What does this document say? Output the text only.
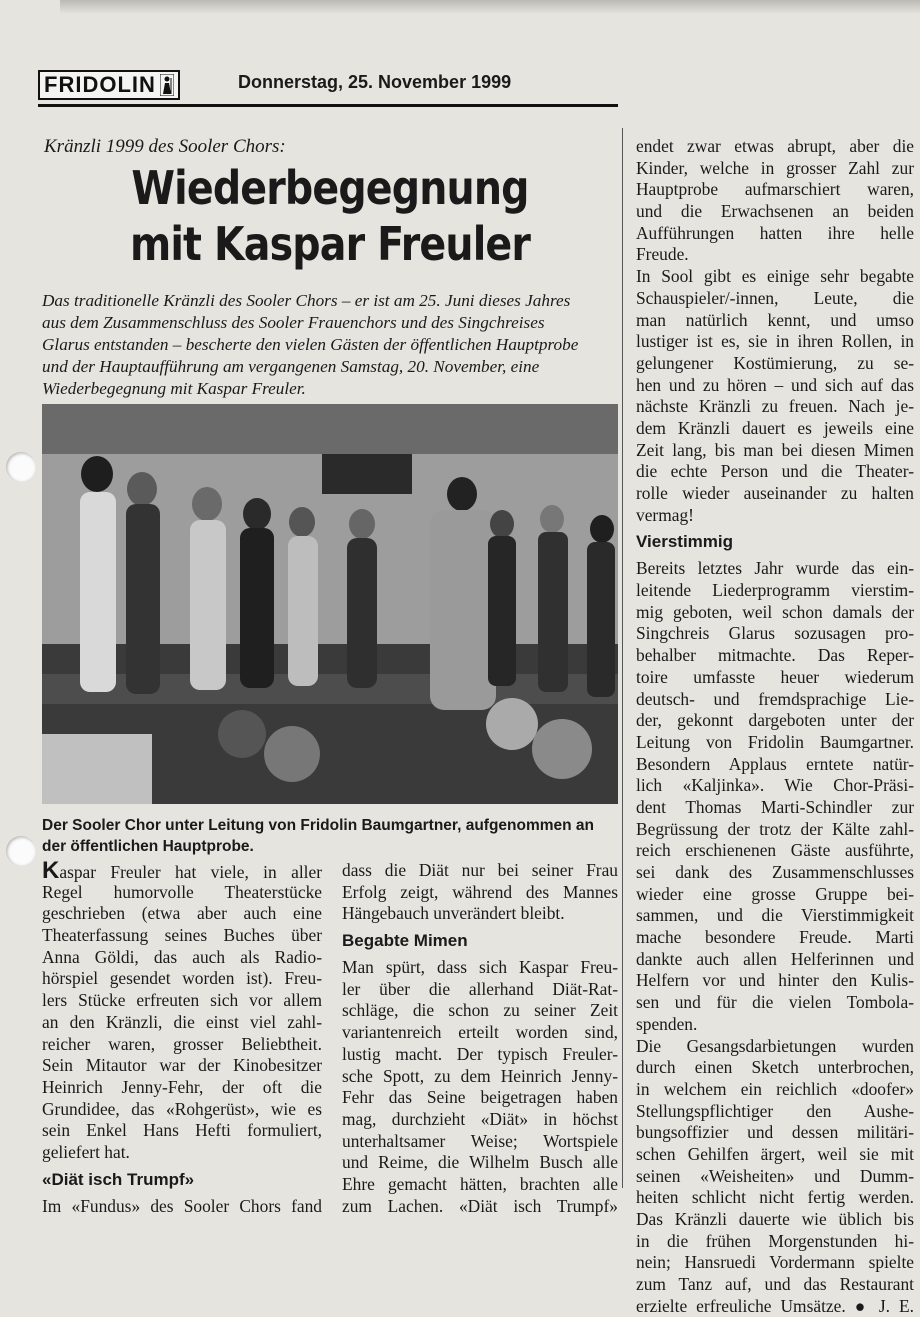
FRIDOLIN	Donnerstag, 25. November 1999
Kränzli 1999 des Sooler Chors:
Wiederbegegnung
mit Kaspar Freuler
Das traditionelle Kränzli des Sooler Chors – er ist am 25. Juni dieses Jahres
aus dem Zusammenschluss des Sooler Frauenchors und des Singchreises
Glarus entstanden – bescherte den vielen Gästen der öffentlichen Hauptprobe
und der Hauptaufführung am vergangenen Samstag, 20. November, eine
Wiederbegegnung mit Kaspar Freuler.
Der Sooler Chor unter Leitung von Fridolin Baumgartner, aufgenommen an
der öffentlichen Hauptprobe.
Kaspar Freuler hat viele, in aller
Regel humorvolle Theaterstücke
geschrieben (etwa aber auch eine
Theaterfassung seines Buches über
Anna Göldi, das auch als Radio-
hörspiel gesendet worden ist). Freu-
lers Stücke erfreuten sich vor allem
an den Kränzli, die einst viel zahl-
reicher waren, grosser Beliebtheit.
Sein Mitautor war der Kinobesitzer
Heinrich Jenny-Fehr, der oft die
Grundidee, das «Rohgerüst», wie es
sein Enkel Hans Hefti formuliert,
geliefert hat.
«Diät isch Trumpf»
Im «Fundus» des Sooler Chors fand
dass die Diät nur bei seiner Frau
Erfolg zeigt, während des Mannes
Hängebauch unverändert bleibt.
Begabte Mimen
Man spürt, dass sich Kaspar Freu-
ler über die allerhand Diät-Rat-
schläge, die schon zu seiner Zeit
variantenreich erteilt worden sind,
lustig macht. Der typisch Freuler-
sche Spott, zu dem Heinrich Jenny-
Fehr das Seine beigetragen haben
mag, durchzieht «Diät» in höchst
unterhaltsamer Weise; Wortspiele
und Reime, die Wilhelm Busch alle
Ehre gemacht hätten, brachten alle
zum Lachen. «Diät isch Trumpf»
endet zwar etwas abrupt, aber die
Kinder, welche in grosser Zahl zur
Hauptprobe aufmarschiert waren,
und die Erwachsenen an beiden
Aufführungen hatten ihre helle
Freude.
In Sool gibt es einige sehr begabte
Schauspieler/-innen, Leute, die
man natürlich kennt, und umso
lustiger ist es, sie in ihren Rollen, in
gelungener Kostümierung, zu se-
hen und zu hören – und sich auf das
nächste Kränzli zu freuen. Nach je-
dem Kränzli dauert es jeweils eine
Zeit lang, bis man bei diesen Mimen
die echte Person und die Theater-
rolle wieder auseinander zu halten
vermag!
Vierstimmig
Bereits letztes Jahr wurde das ein-
leitende Liederprogramm vierstim-
mig geboten, weil schon damals der
Singchreis Glarus sozusagen pro-
behalber mitmachte. Das Reper-
toire umfasste heuer wiederum
deutsch- und fremdsprachige Lie-
der, gekonnt dargeboten unter der
Leitung von Fridolin Baumgartner.
Besondern Applaus erntete natür-
lich «Kaljinka». Wie Chor-Präsi-
dent Thomas Marti-Schindler zur
Begrüssung der trotz der Kälte zahl-
reich erschienenen Gäste ausführte,
sei dank des Zusammenschlusses
wieder eine grosse Gruppe bei-
sammen, und die Vierstimmigkeit
mache besondere Freude. Marti
dankte auch allen Helferinnen und
Helfern vor und hinter den Kulis-
sen und für die vielen Tombola-
spenden.
Die Gesangsdarbietungen wurden
durch einen Sketch unterbrochen,
in welchem ein reichlich «doofer»
Stellungspflichtiger den Aushe-
bungsoffizier und dessen militäri-
schen Gehilfen ärgert, weil sie mit
seinen «Weisheiten» und Dumm-
heiten schlicht nicht fertig werden.
Das Kränzli dauerte wie üblich bis
in die frühen Morgenstunden hi-
nein; Hansruedi Vordermann spielte
zum Tanz auf, und das Restaurant
erzielte erfreuliche Umsätze. ● J. E.
